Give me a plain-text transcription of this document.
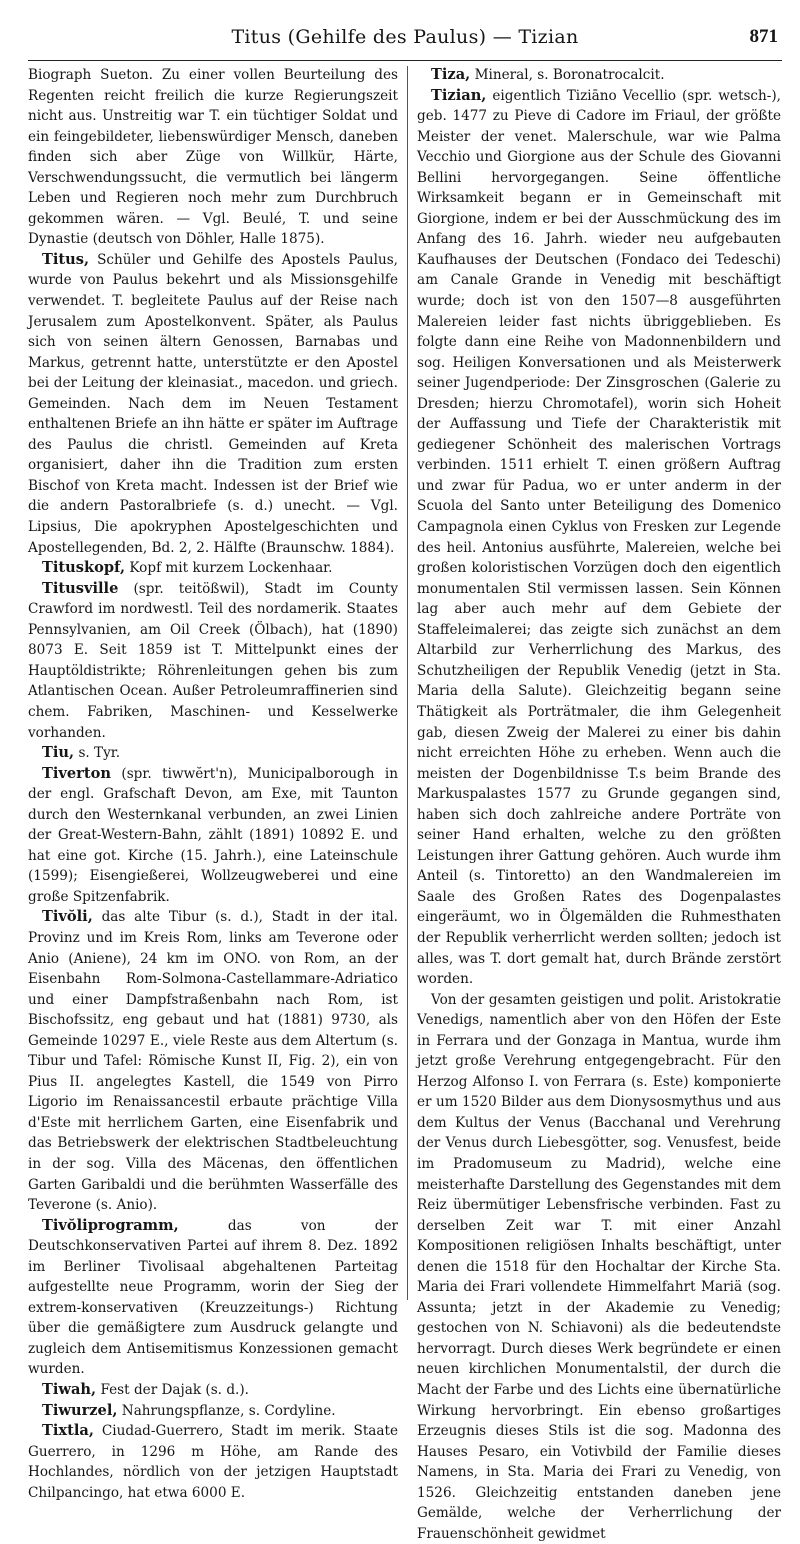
Titus (Gehilfe des Paulus) — Tizian	871

Biograph Sueton. Zu einer vollen Beurteilung des Regenten reicht freilich die kurze Regierungszeit nicht aus. Unstreitig war T. ein tüchtiger Soldat und ein feingebildeter, liebenswürdiger Mensch, daneben finden sich aber Züge von Willkür, Härte, Verschwendungssucht, die vermutlich bei längerm Leben und Regieren noch mehr zum Durchbruch gekommen wären. — Vgl. Beulé, T. und seine Dynastie (deutsch von Döhler, Halle 1875).

Titus, Schüler und Gehilfe des Apostels Paulus, wurde von Paulus bekehrt und als Missionsgehilfe verwendet. T. begleitete Paulus auf der Reise nach Jerusalem zum Apostelkonvent. Später, als Paulus sich von seinen ältern Genossen, Barnabas und Markus, getrennt hatte, unterstützte er den Apostel bei der Leitung der kleinasiat., macedon. und griech. Gemeinden. Nach dem im Neuen Testament enthaltenen Briefe an ihn hätte er später im Auftrage des Paulus die christl. Gemeinden auf Kreta organisiert, daher ihn die Tradition zum ersten Bischof von Kreta macht. Indessen ist der Brief wie die andern Pastoralbriefe (s. d.) unecht. — Vgl. Lipsius, Die apokryphen Apostelgeschichten und Apostellegenden, Bd. 2, 2. Hälfte (Braunschw. 1884).

Tituskopf, Kopf mit kurzem Lockenhaar.

Titusville (spr. teitößwil), Stadt im County Crawford im nordwestl. Teil des nordamerik. Staates Pennsylvanien, am Oil Creek (Ölbach), hat (1890) 8073 E. Seit 1859 ist T. Mittelpunkt eines der Hauptöldistrikte; Röhrenleitungen gehen bis zum Atlantischen Ocean. Außer Petroleumraffinerien sind chem. Fabriken, Maschinen- und Kesselwerke vorhanden.

Tiu, s. Tyr.

Tiverton (spr. tiwwĕrt'n), Municipalborough in der engl. Grafschaft Devon, am Exe, mit Taunton durch den Westernkanal verbunden, an zwei Linien der Great-Western-Bahn, zählt (1891) 10892 E. und hat eine got. Kirche (15. Jahrh.), eine Lateinschule (1599); Eisengießerei, Wollzeugweberei und eine große Spitzenfabrik.

Tivŏli, das alte Tibur (s. d.), Stadt in der ital. Provinz und im Kreis Rom, links am Teverone oder Anio (Aniene), 24 km im ONO. von Rom, an der Eisenbahn Rom-Solmona-Castellammare-Adriatico und einer Dampfstraßenbahn nach Rom, ist Bischofssitz, eng gebaut und hat (1881) 9730, als Gemeinde 10297 E., viele Reste aus dem Altertum (s. Tibur und Tafel: Römische Kunst II, Fig. 2), ein von Pius II. angelegtes Kastell, die 1549 von Pirro Ligorio im Renaissancestil erbaute prächtige Villa d'Este mit herrlichem Garten, eine Eisenfabrik und das Betriebswerk der elektrischen Stadtbeleuchtung in der sog. Villa des Mäcenas, den öffentlichen Garten Garibaldi und die berühmten Wasserfälle des Teverone (s. Anio).

Tivŏliprogramm,	das von der Deutschkonservativen Partei auf ihrem 8. Dez. 1892 im Berliner Tivolisaal abgehaltenen Parteitag aufgestellte neue Programm, worin der Sieg der extrem-konservativen (Kreuzzeitungs-) Richtung über die gemäßigtere zum Ausdruck gelangte und zugleich dem Antisemitismus Konzessionen gemacht wurden.

Tiwah, Fest der Dajak (s. d.).

Tiwurzel, Nahrungspflanze, s. Cordyline.

Tixtla, Ciudad-Guerrero, Stadt im merik. Staate Guerrero, in 1296 m Höhe, am Rande des Hochlandes, nördlich von der jetzigen Hauptstadt Chilpancingo, hat etwa 6000 E.

Tiza, Mineral, s. Boronatrocalcit.

Tizian, eigentlich Tiziāno Vecellio (spr. wetsch-), geb. 1477 zu Pieve di Cadore im Friaul, der größte Meister der venet. Malerschule, war wie Palma Vecchio und Giorgione aus der Schule des Giovanni Bellini hervorgegangen. Seine öffentliche Wirksamkeit begann er in Gemeinschaft mit Giorgione, indem er bei der Ausschmückung des im Anfang des 16. Jahrh. wieder neu aufgebauten Kaufhauses der Deutschen (Fondaco dei Tedeschi) am Canale Grande in Venedig mit beschäftigt wurde; doch ist von den 1507—8 ausgeführten Malereien leider fast nichts übriggeblieben. Es folgte dann eine Reihe von Madonnenbildern und sog. Heiligen Konversationen und als Meisterwerk seiner Jugendperiode: Der Zinsgroschen (Galerie zu Dresden; hierzu Chromotafel), worin sich Hoheit der Auffassung und Tiefe der Charakteristik mit gediegener Schönheit des malerischen Vortrags verbinden. 1511 erhielt T. einen größern Auftrag und zwar für Padua, wo er unter anderm in der Scuola del Santo unter Beteiligung des Domenico Campagnola einen Cyklus von Fresken zur Legende des heil. Antonius ausführte, Malereien, welche bei großen koloristischen Vorzügen doch den eigentlich monumentalen Stil vermissen lassen. Sein Können lag aber auch mehr auf dem Gebiete der Staffeleimalerei; das zeigte sich zunächst an dem Altarbild zur Verherrlichung des Markus, des Schutzheiligen der Republik Venedig (jetzt in Sta. Maria della Salute). Gleichzeitig begann seine Thätigkeit als Porträtmaler, die ihm Gelegenheit gab, diesen Zweig der Malerei zu einer bis dahin nicht erreichten Höhe zu erheben. Wenn auch die meisten der Dogenbildnisse T.s beim Brande des Markuspalastes 1577 zu Grunde gegangen sind, haben sich doch zahlreiche andere Porträte von seiner Hand erhalten, welche zu den größten Leistungen ihrer Gattung gehören. Auch wurde ihm Anteil (s. Tintoretto) an den Wandmalereien im Saale des Großen Rates des Dogenpalastes eingeräumt, wo in Ölgemälden die Ruhmesthaten der Republik verherrlicht werden sollten; jedoch ist alles, was T. dort gemalt hat, durch Brände zerstört worden.

Von der gesamten geistigen und polit. Aristokratie Venedigs, namentlich aber von den Höfen der Este in Ferrara und der Gonzaga in Mantua, wurde ihm jetzt große Verehrung entgegengebracht. Für den Herzog Alfonso I. von Ferrara (s. Este) komponierte er um 1520 Bilder aus dem Dionysosmythus und aus dem Kultus der Venus (Bacchanal und Verehrung der Venus durch Liebesgötter, sog. Venusfest, beide im Pradomuseum zu Madrid), welche eine meisterhafte Darstellung des Gegenstandes mit dem Reiz übermütiger Lebensfrische verbinden. Fast zu derselben Zeit war T. mit einer Anzahl Kompositionen religiösen Inhalts beschäftigt, unter denen die 1518 für den Hochaltar der Kirche Sta. Maria dei Frari vollendete Himmelfahrt Mariä (sog. Assunta; jetzt in der Akademie zu Venedig; gestochen von N. Schiavoni) als die bedeutendste hervorragt. Durch dieses Werk begründete er einen neuen kirchlichen Monumentalstil, der durch die Macht der Farbe und des Lichts eine übernatürliche Wirkung hervorbringt. Ein ebenso großartiges Erzeugnis dieses Stils ist die sog. Madonna des Hauses Pesaro, ein Votivbild der Familie dieses Namens, in Sta. Maria dei Frari zu Venedig, von 1526. Gleichzeitig entstanden daneben jene Gemälde, welche der Verherrlichung der Frauenschönheit gewidmet
